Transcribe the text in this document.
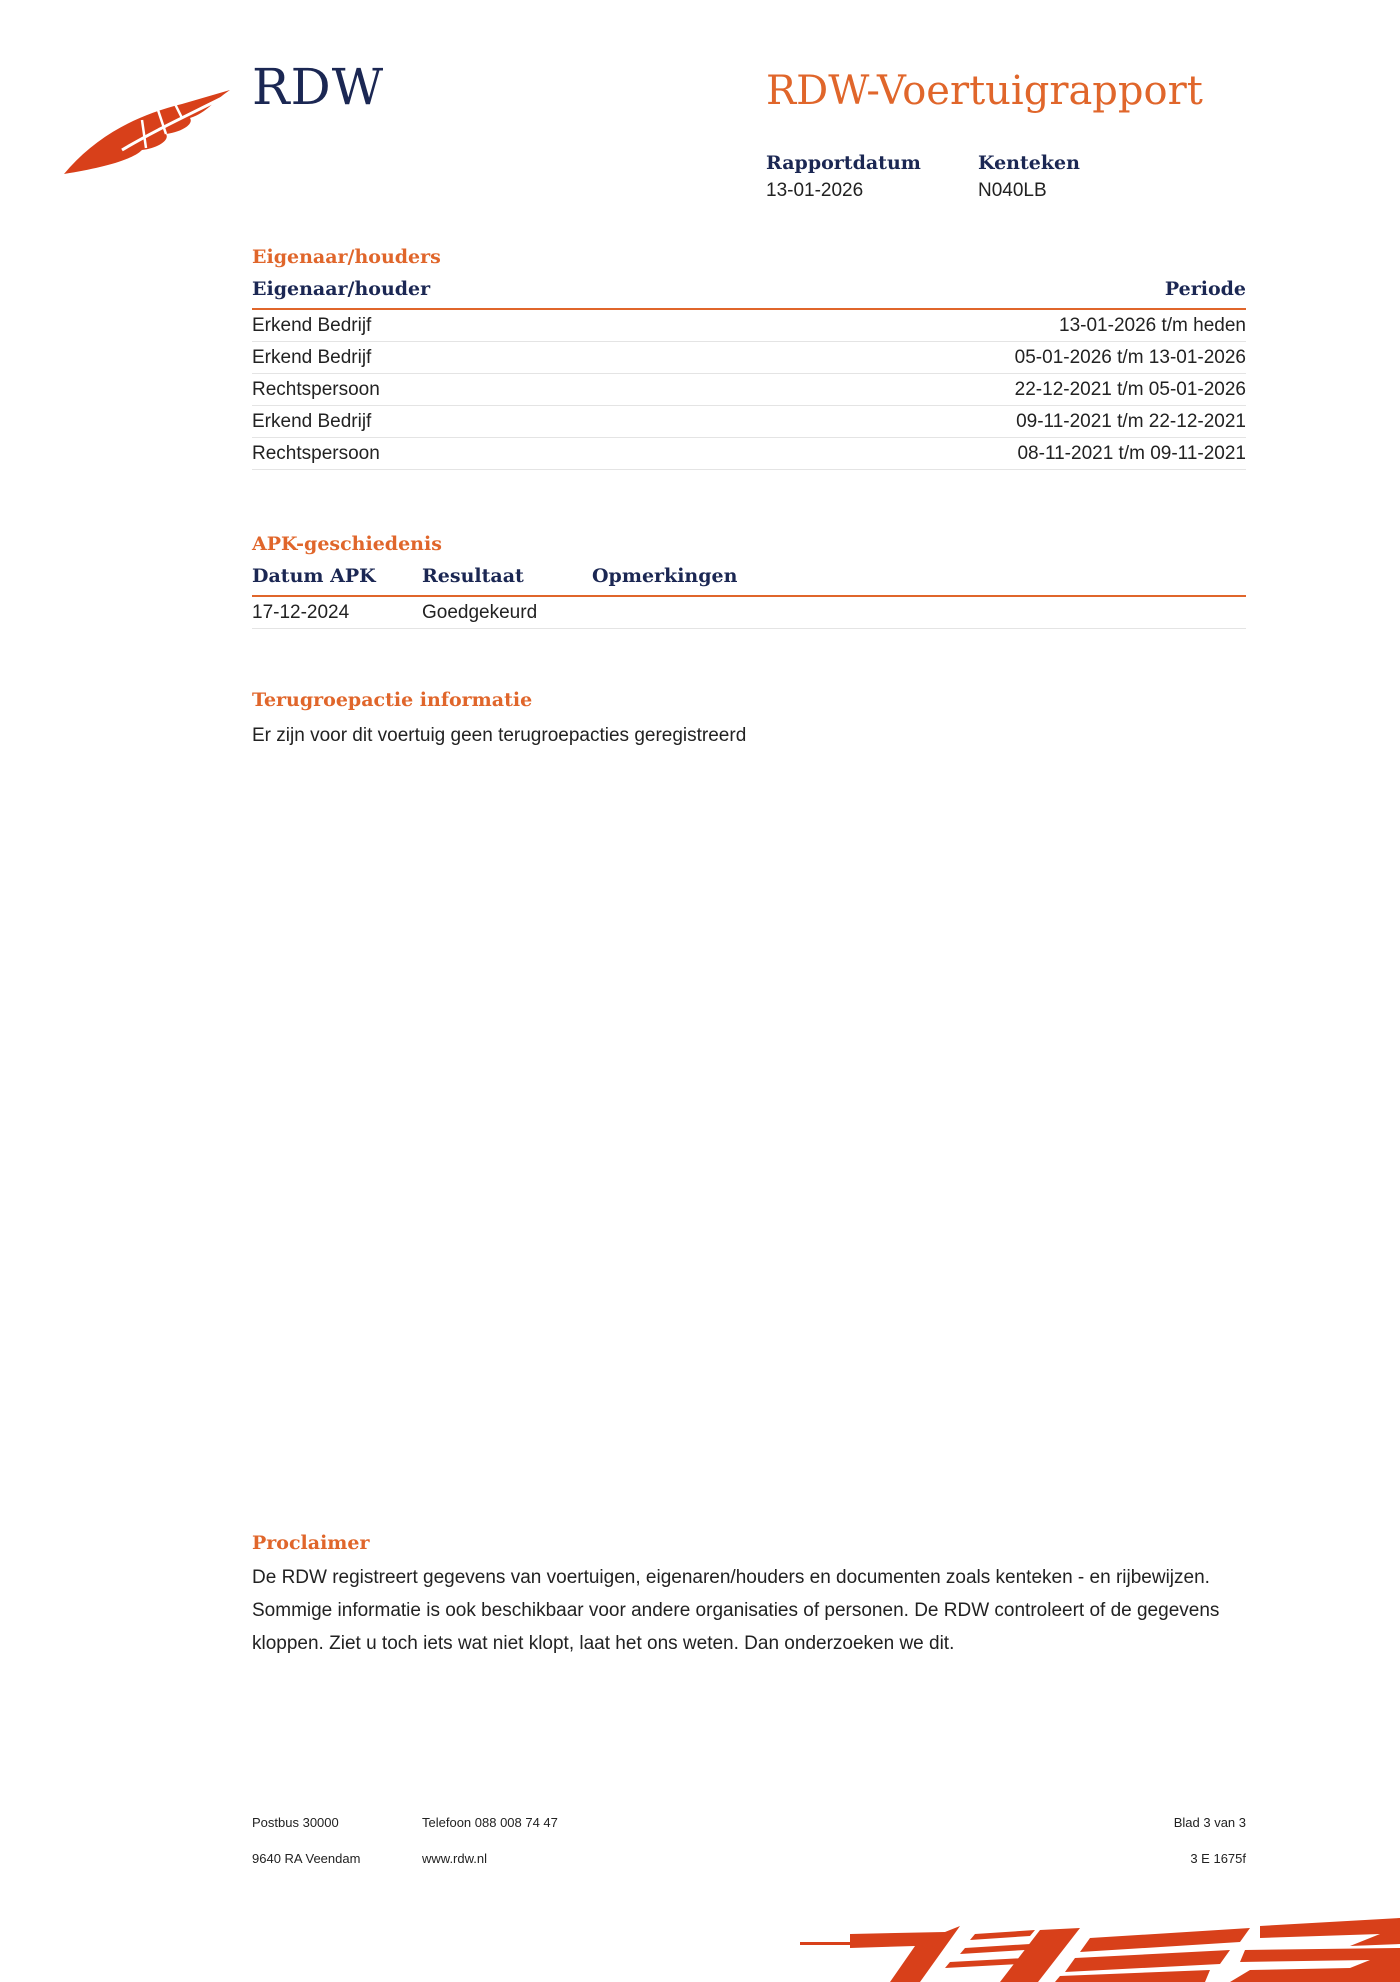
RDW	RDW-Voertuigrapport
Rapportdatum
13-01-2026
Kenteken
N040LB
Eigenaar/houders
Eigenaar/houder	Periode
Erkend Bedrijf	13-01-2026 t/m heden
Erkend Bedrijf	05-01-2026 t/m 13-01-2026
Rechtspersoon	22-12-2021 t/m 05-01-2026
Erkend Bedrijf	09-11-2021 t/m 22-12-2021
Rechtspersoon	08-11-2021 t/m 09-11-2021
APK-geschiedenis
Datum APK	Resultaat	Opmerkingen
17-12-2024	Goedgekeurd
Terugroepactie informatie
Er zijn voor dit voertuig geen terugroepacties geregistreerd
Proclaimer
De RDW registreert gegevens van voertuigen, eigenaren/houders en documenten zoals kenteken - en rijbewijzen. Sommige informatie is ook beschikbaar voor andere organisaties of personen. De RDW controleert of de gegevens kloppen. Ziet u toch iets wat niet klopt, laat het ons weten. Dan onderzoeken we dit.
Postbus 30000
9640 RA Veendam
Telefoon 088 008 74 47
www.rdw.nl
Blad 3 van 3
3 E 1675f
